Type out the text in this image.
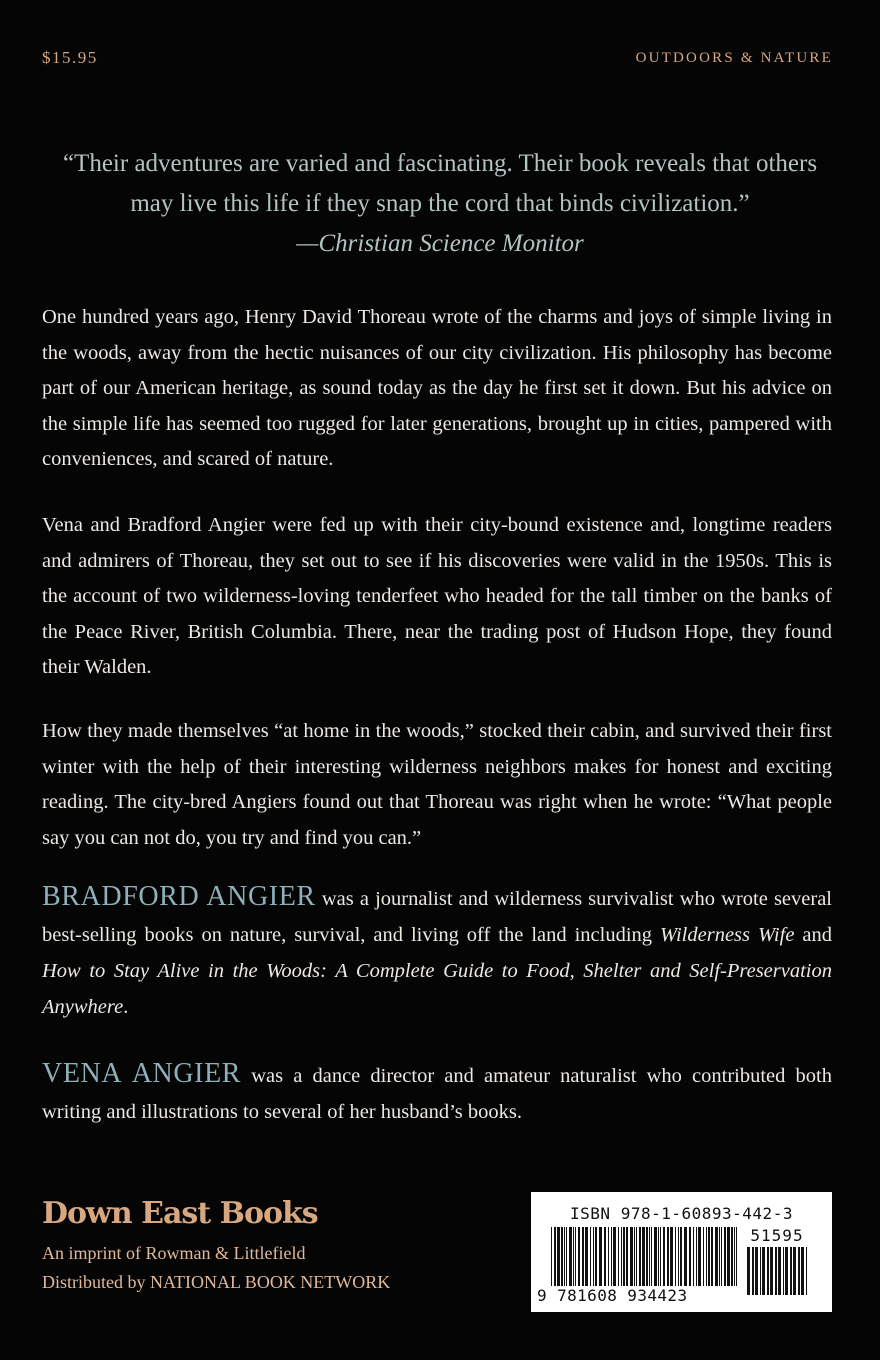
$15.95	OUTDOORS & NATURE
“Their adventures are varied and fascinating. Their book reveals that others may live this life if they snap the cord that binds civilization.”
—Christian Science Monitor
One hundred years ago, Henry David Thoreau wrote of the charms and joys of simple living in the woods, away from the hectic nuisances of our city civilization. His philosophy has become part of our American heritage, as sound today as the day he first set it down. But his advice on the simple life has seemed too rugged for later generations, brought up in cities, pampered with conveniences, and scared of nature.
Vena and Bradford Angier were fed up with their city-bound existence and, longtime readers and admirers of Thoreau, they set out to see if his discoveries were valid in the 1950s. This is the account of two wilderness-loving tenderfeet who headed for the tall timber on the banks of the Peace River, British Columbia. There, near the trading post of Hudson Hope, they found their Walden.
How they made themselves “at home in the woods,” stocked their cabin, and survived their first winter with the help of their interesting wilderness neighbors makes for honest and exciting reading. The city-bred Angiers found out that Thoreau was right when he wrote: “What people say you can not do, you try and find you can.”
BRADFORD ANGIER was a journalist and wilderness survivalist who wrote several best-selling books on nature, survival, and living off the land including Wilderness Wife and How to Stay Alive in the Woods: A Complete Guide to Food, Shelter and Self-Preservation Anywhere.
VENA ANGIER was a dance director and amateur naturalist who contributed both writing and illustrations to several of her husband’s books.
Down East Books
An imprint of Rowman & Littlefield
Distributed by NATIONAL BOOK NETWORK
ISBN 978-1-60893-442-3
51595
9 781608 934423
